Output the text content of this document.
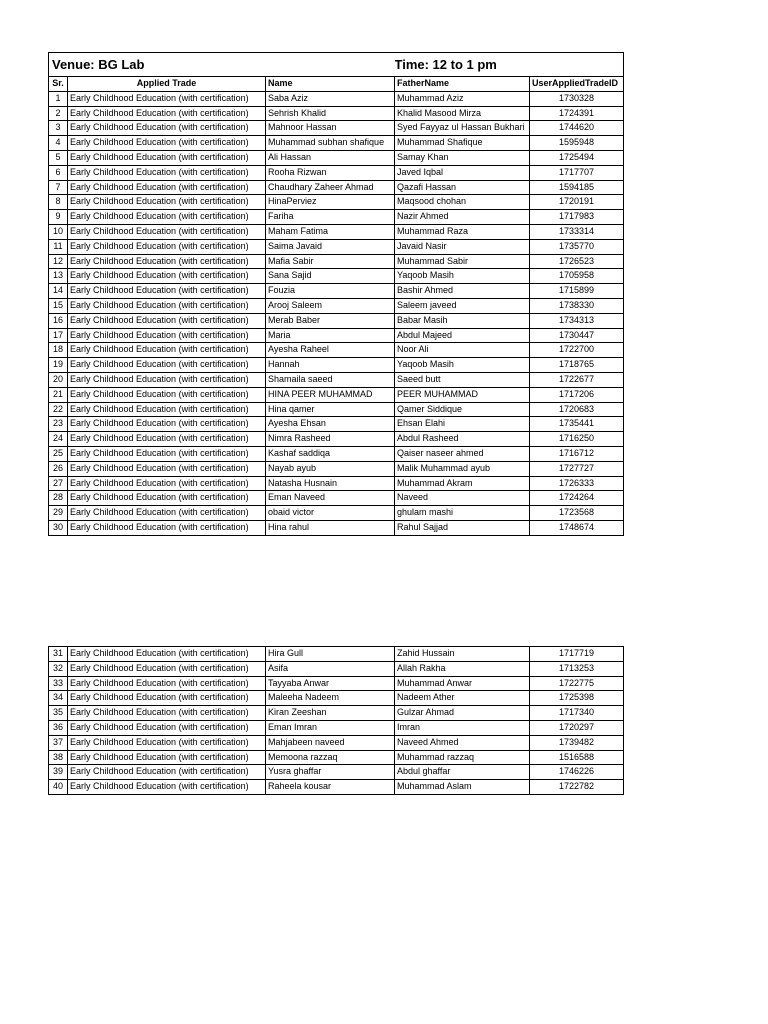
Venue: BG Lab			Time: 12 to 1 pm	
Sr.	Applied Trade	Name	FatherName	UserAppliedTradeID
1	Early Childhood Education (with certification)	Saba Aziz	Muhammad Aziz	1730328
2	Early Childhood Education (with certification)	Sehrish Khalid	Khalid Masood Mirza	1724391
3	Early Childhood Education (with certification)	Mahnoor Hassan	Syed Fayyaz ul Hassan Bukhari	1744620
4	Early Childhood Education (with certification)	Muhammad subhan shafique	Muhammad Shafique	1595948
5	Early Childhood Education (with certification)	Ali Hassan	Samay Khan	1725494
6	Early Childhood Education (with certification)	Rooha Rizwan	Javed Iqbal	1717707
7	Early Childhood Education (with certification)	Chaudhary Zaheer Ahmad	Qazafi Hassan	1594185
8	Early Childhood Education (with certification)	HinaPerviez	Maqsood chohan	1720191
9	Early Childhood Education (with certification)	Fariha	Nazir Ahmed	1717983
10	Early Childhood Education (with certification)	Maham Fatima	Muhammad Raza	1733314
11	Early Childhood Education (with certification)	Saima Javaid	Javaid Nasir	1735770
12	Early Childhood Education (with certification)	Mafia Sabir	Muhammad Sabir	1726523
13	Early Childhood Education (with certification)	Sana Sajid	Yaqoob Masih	1705958
14	Early Childhood Education (with certification)	Fouzia	Bashir Ahmed	1715899
15	Early Childhood Education (with certification)	Arooj Saleem	Saleem javeed	1738330
16	Early Childhood Education (with certification)	Merab Baber	Babar Masih	1734313
17	Early Childhood Education (with certification)	Maria	Abdul Majeed	1730447
18	Early Childhood Education (with certification)	Ayesha Raheel	Noor Ali	1722700
19	Early Childhood Education (with certification)	Hannah	Yaqoob Masih	1718765
20	Early Childhood Education (with certification)	Shamaila saeed	Saeed butt	1722677
21	Early Childhood Education (with certification)	HINA PEER MUHAMMAD	PEER MUHAMMAD	1717206
22	Early Childhood Education (with certification)	Hina qamer	Qamer Siddique	1720683
23	Early Childhood Education (with certification)	Ayesha Ehsan	Ehsan Elahi	1735441
24	Early Childhood Education (with certification)	Nimra Rasheed	Abdul Rasheed	1716250
25	Early Childhood Education (with certification)	Kashaf saddiqa	Qaiser naseer ahmed	1716712
26	Early Childhood Education (with certification)	Nayab ayub	Malik Muhammad ayub	1727727
27	Early Childhood Education (with certification)	Natasha Husnain	Muhammad Akram	1726333
28	Early Childhood Education (with certification)	Eman Naveed	Naveed	1724264
29	Early Childhood Education (with certification)	obaid victor	ghulam mashi	1723568
30	Early Childhood Education (with certification)	Hina rahul	Rahul Sajjad	1748674
31	Early Childhood Education (with certification)	Hira Gull	Zahid Hussain	1717719
32	Early Childhood Education (with certification)	Asifa	Allah Rakha	1713253
33	Early Childhood Education (with certification)	Tayyaba Anwar	Muhammad Anwar	1722775
34	Early Childhood Education (with certification)	Maleeha Nadeem	Nadeem Ather	1725398
35	Early Childhood Education (with certification)	Kiran Zeeshan	Gulzar Ahmad	1717340
36	Early Childhood Education (with certification)	Eman Imran	Imran	1720297
37	Early Childhood Education (with certification)	Mahjabeen naveed	Naveed Ahmed	1739482
38	Early Childhood Education (with certification)	Memoona razzaq	Muhammad razzaq	1516588
39	Early Childhood Education (with certification)	Yusra ghaffar	Abdul ghaffar	1746226
40	Early Childhood Education (with certification)	Raheela kousar	Muhammad Aslam	1722782
